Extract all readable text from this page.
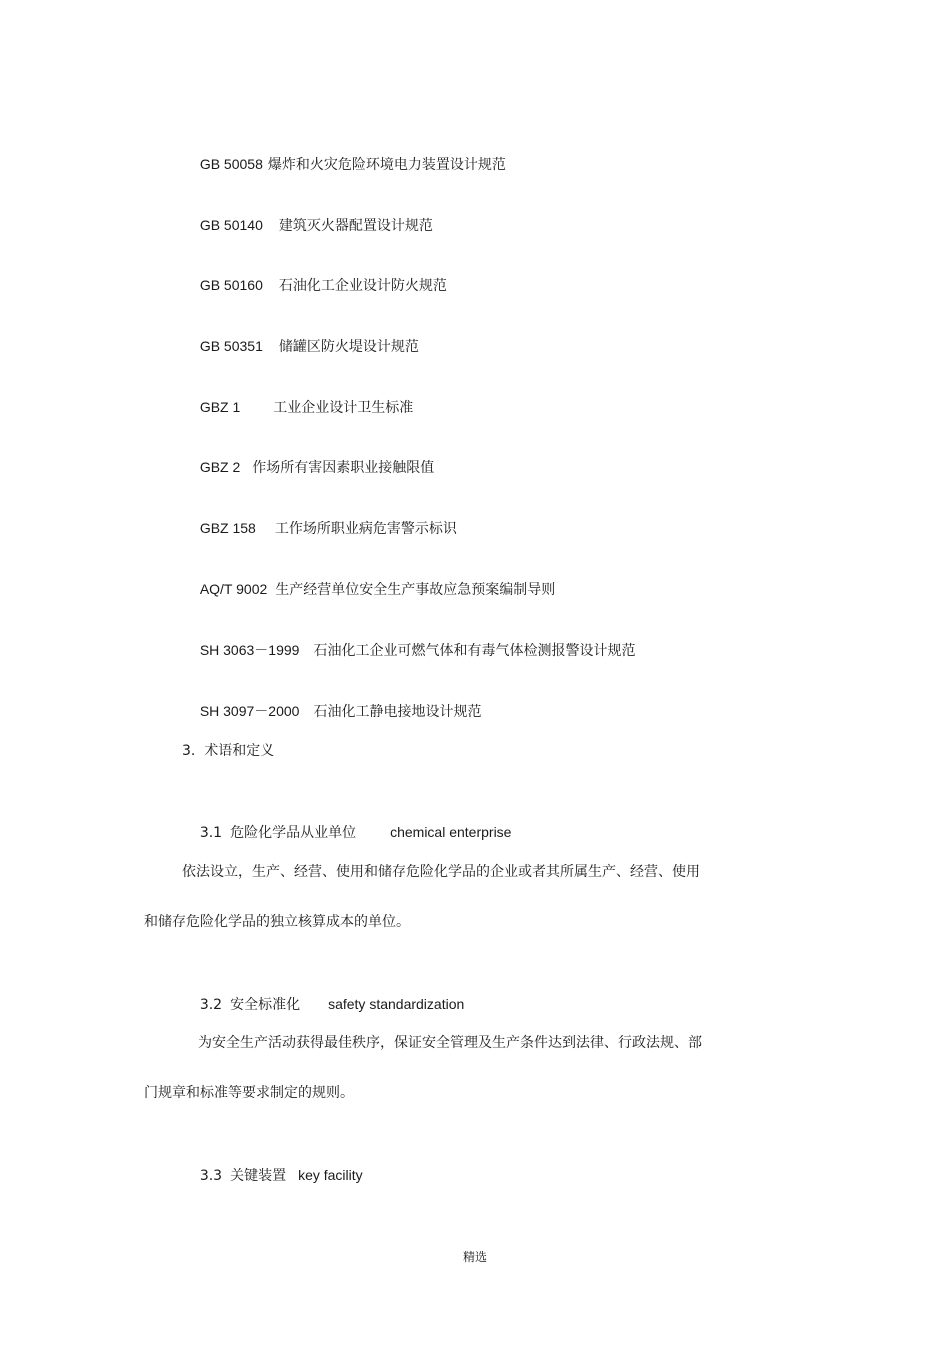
GB 50058 爆炸和火灾危险环境电力装置设计规范

GB 50140 建筑灭火器配置设计规范

GB 50160 石油化工企业设计防火规范

GB 50351 储罐区防火堤设计规范

GBZ 1 工业企业设计卫生标准

GBZ 2 作场所有害因素职业接触限值

GBZ 158 工作场所职业病危害警示标识

AQ/T 9002 生产经营单位安全生产事故应急预案编制导则

SH 3063－1999 石油化工企业可燃气体和有毒气体检测报警设计规范

SH 3097－2000 石油化工静电接地设计规范

3.  术语和定义

3.1 危险化学品从业单位 chemical enterprise

依法设立，生产、经营、使用和储存危险化学品的企业或者其所属生产、经营、使用
和储存危险化学品的独立核算成本的单位。

3.2 安全标准化 safety standardization

为安全生产活动获得最佳秩序，保证安全管理及生产条件达到法律、行政法规、部
门规章和标准等要求制定的规则。

3.3 关键装置 key facility

精选
